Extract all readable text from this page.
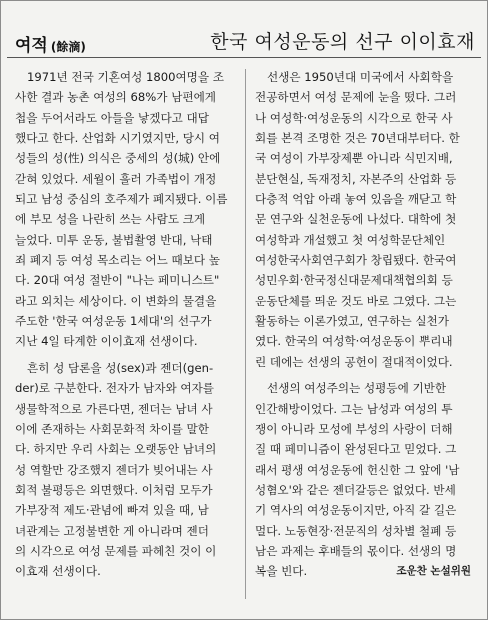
여적 (餘滴)	한국 여성운동의 선구 이이효재
1971년 전국 기혼여성 1800여명을 조
사한 결과 농촌 여성의 68%가 남편에게
첩을 두어서라도 아들을 낳겠다고 대답
했다고 한다. 산업화 시기였지만, 당시 여
성들의 성(性) 의식은 중세의 성(城) 안에
갇혀 있었다. 세월이 흘러 가족법이 개정
되고 남성 중심의 호주제가 폐지됐다. 이름
에 부모 성을 나란히 쓰는 사람도 크게
늘었다. 미투 운동, 불법촬영 반대, 낙태
죄 폐지 등 여성 목소리는 어느 때보다 높
다. 20대 여성 절반이 "나는 페미니스트"
라고 외치는 세상이다. 이 변화의 물결을
주도한 '한국 여성운동 1세대'의 선구가
지난 4일 타계한 이이효재 선생이다.
흔히 성 담론을 성(sex)과 젠더(gen-
der)로 구분한다. 전자가 남자와 여자를
생물학적으로 가른다면, 젠더는 남녀 사
이에 존재하는 사회문화적 차이를 말한
다. 하지만 우리 사회는 오랫동안 남녀의
성 역할만 강조했지 젠더가 빚어내는 사
회적 불평등은 외면했다. 이처럼 모두가
가부장적 제도·관념에 빠져 있을 때, 남
녀관계는 고정불변한 게 아니라며 젠더
의 시각으로 여성 문제를 파헤친 것이 이
이효재 선생이다.
선생은 1950년대 미국에서 사회학을
전공하면서 여성 문제에 눈을 떴다. 그러
나 여성학·여성운동의 시각으로 한국 사
회를 본격 조명한 것은 70년대부터다. 한
국 여성이 가부장제뿐 아니라 식민지배,
분단현실, 독재정치, 자본주의 산업화 등
다층적 억압 아래 놓여 있음을 깨닫고 학
문 연구와 실천운동에 나섰다. 대학에 첫
여성학과 개설했고 첫 여성학문단체인
여성한국사회연구회가 창립됐다. 한국여
성민우회·한국정신대문제대책협의회 등
운동단체를 띄운 것도 바로 그였다. 그는
활동하는 이론가였고, 연구하는 실천가
였다. 한국의 여성학·여성운동이 뿌리내
린 데에는 선생의 공헌이 절대적이었다.
선생의 여성주의는 성평등에 기반한
인간해방이었다. 그는 남성과 여성의 투
쟁이 아니라 모성에 부성의 사랑이 더해
질 때 페미니즘이 완성된다고 믿었다. 그
래서 평생 여성운동에 헌신한 그 앞에 '남
성혐오'와 같은 젠더갈등은 없었다. 반세
기 역사의 여성운동이지만, 아직 갈 길은
멀다. 노동현장·전문직의 성차별 철폐 등
남은 과제는 후배들의 몫이다. 선생의 명
복을 빈다.	조운찬 논설위원
